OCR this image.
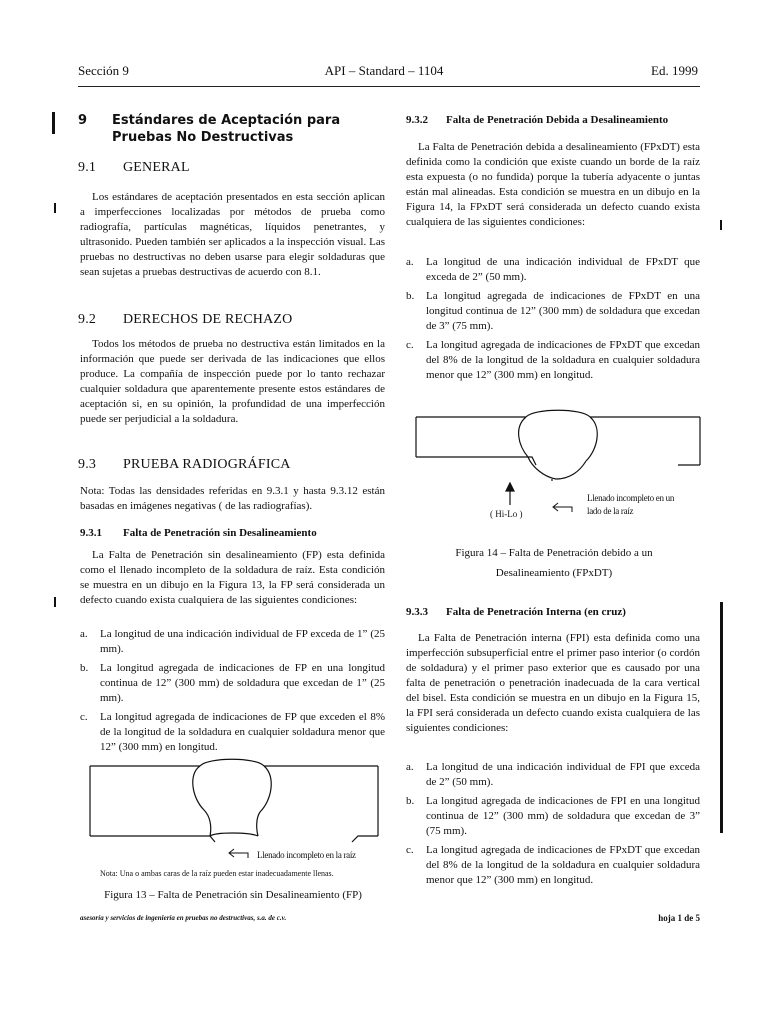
Sección 9	API – Standard – 1104	Ed. 1999
9 Estándares de Aceptación para
Pruebas No Destructivas
9.1 GENERAL

Los estándares de aceptación presentados en esta sección aplican a imperfecciones localizadas por métodos de prueba como radiografía, partículas magnéticas, líquidos penetrantes, y ultrasonido. Pueden también ser aplicados a la inspección visual. Las pruebas no destructivas no deben usarse para elegir soldaduras que sean sujetas a pruebas destructivas de acuerdo con 8.1.

9.2 DERECHOS DE RECHAZO

Todos los métodos de prueba no destructiva están limitados en la información que puede ser derivada de las indicaciones que ellos produce. La compañía de inspección puede por lo tanto rechazar cualquier soldadura que aparentemente presente estos estándares de aceptación si, en su opinión, la profundidad de una imperfección puede ser perjudicial a la soldadura.

9.3 PRUEBA RADIOGRÁFICA

Nota: Todas las densidades referidas en 9.3.1 y hasta 9.3.12 están basadas en imágenes negativas ( de las radiografías).

9.3.1 Falta de Penetración sin Desalineamiento

La Falta de Penetración sin desalineamiento (FP) esta definida como el llenado incompleto de la soldadura de raíz. Esta condición se muestra en un dibujo en la Figura 13, la FP será considerada un defecto cuando exista cualquiera de las siguientes condiciones:

a. La longitud de una indicación individual de FP exceda de 1” (25 mm).
b. La longitud agregada de indicaciones de FP en una longitud continua de 12” (300 mm) de soldadura que excedan de 1” (25 mm).
c. La longitud agregada de indicaciones de FP que exceden el 8% de la longitud de la soldadura en cualquier soldadura menor que 12” (300 mm) en longitud.
Llenado incompleto en la raíz
Nota: Una o ambas caras de la raíz pueden estar inadecuadamente llenas.
Figura 13 – Falta de Penetración sin Desalineamiento (FP)
9.3.2 Falta de Penetración Debida a Desalineamiento

La Falta de Penetración debida a desalineamiento (FPxDT) esta definida como la condición que existe cuando un borde de la raíz esta expuesta (o no fundida) porque la tubería adyacente o juntas están mal alineadas. Esta condición se muestra en un dibujo en la Figura 14, la FPxDT será considerada un defecto cuando exista cualquiera de las siguientes condiciones:

a. La longitud de una indicación individual de FPxDT que exceda de 2” (50 mm).
b. La longitud agregada de indicaciones de FPxDT en una longitud continua de 12” (300 mm) de soldadura que excedan de 3” (75 mm).
c. La longitud agregada de indicaciones de FPxDT que excedan del 8% de la longitud de la soldadura en cualquier soldadura menor que 12” (300 mm) en longitud.
( Hi-Lo )
Llenado incompleto en un
lado de la raíz
Figura 14 – Falta de Penetración debido a un
Desalineamiento (FPxDT)
9.3.3 Falta de Penetración Interna (en cruz)

La Falta de Penetración interna (FPI) esta definida como una imperfección subsuperficial entre el primer paso interior (o cordón de soldadura) y el primer paso exterior que es causado por una falta de penetración o penetración inadecuada de la cara vertical del bisel. Esta condición se muestra en un dibujo en la Figura 15, la FPI será considerada un defecto cuando exista cualquiera de las siguientes condiciones:

a. La longitud de una indicación individual de FPI que exceda de 2” (50 mm).
b. La longitud agregada de indicaciones de FPI en una longitud continua de 12” (300 mm) de soldadura que excedan de 3” (75 mm).
c. La longitud agregada de indicaciones de FPxDT que excedan del 8% de la longitud de la soldadura en cualquier soldadura menor que 12” (300 mm) en longitud.
asesoría y servicios de ingeniería en pruebas no destructivas, s.a. de c.v.	hoja 1 de 5
